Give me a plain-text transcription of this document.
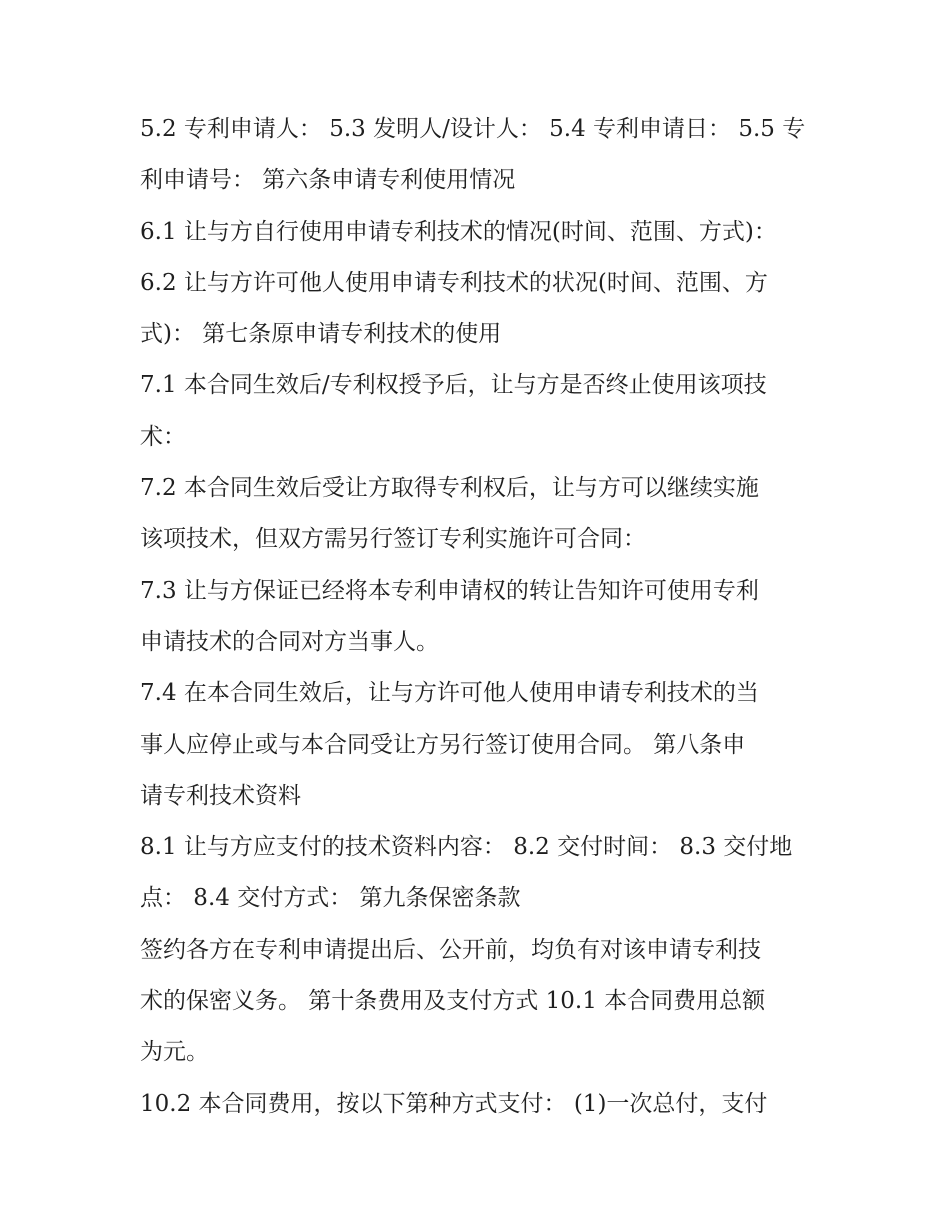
5.2 专利申请人： 5.3 发明人/设计人： 5.4 专利申请日： 5.5 专
利申请号： 第六条申请专利使用情况

6.1 让与方自行使用申请专利技术的情况(时间、范围、方式)：

6.2 让与方许可他人使用申请专利技术的状况(时间、范围、方
式)： 第七条原申请专利技术的使用

7.1 本合同生效后/专利权授予后，让与方是否终止使用该项技
术：

7.2 本合同生效后受让方取得专利权后，让与方可以继续实施
该项技术，但双方需另行签订专利实施许可合同：

7.3 让与方保证已经将本专利申请权的转让告知许可使用专利
申请技术的合同对方当事人。

7.4 在本合同生效后，让与方许可他人使用申请专利技术的当
事人应停止或与本合同受让方另行签订使用合同。 第八条申
请专利技术资料

8.1 让与方应支付的技术资料内容： 8.2 交付时间： 8.3 交付地
点： 8.4 交付方式： 第九条保密条款

签约各方在专利申请提出后、公开前，均负有对该申请专利技
术的保密义务。 第十条费用及支付方式 10.1 本合同费用总额
为元。

10.2 本合同费用，按以下第种方式支付： (1)一次总付，支付
